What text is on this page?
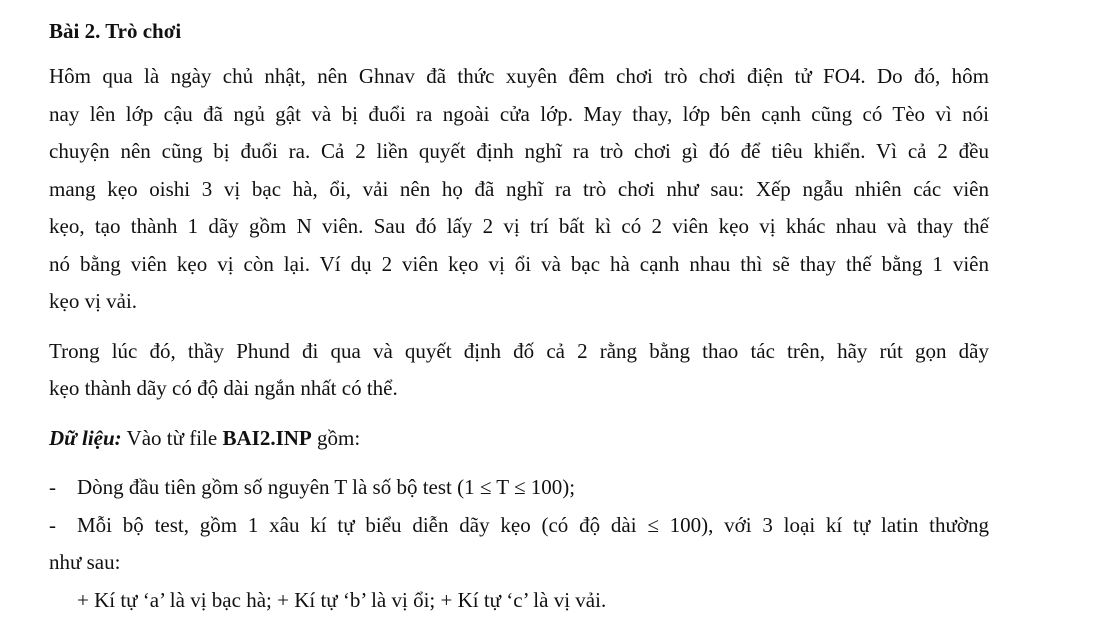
Bài 2. Trò chơi
Hôm qua là ngày chủ nhật, nên Ghnav đã thức xuyên đêm chơi trò chơi điện tử FO4. Do đó, hôm
nay lên lớp cậu đã ngủ gật và bị đuổi ra ngoài cửa lớp. May thay, lớp bên cạnh cũng có Tèo vì nói
chuyện nên cũng bị đuổi ra. Cả 2 liền quyết định nghĩ ra trò chơi gì đó để tiêu khiển. Vì cả 2 đều
mang kẹo oishi 3 vị bạc hà, ổi, vải nên họ đã nghĩ ra trò chơi như sau: Xếp ngẫu nhiên các viên
kẹo, tạo thành 1 dãy gồm N viên. Sau đó lấy 2 vị trí bất kì có 2 viên kẹo vị khác nhau và thay thế
nó bằng viên kẹo vị còn lại. Ví dụ 2 viên kẹo vị ổi và bạc hà cạnh nhau thì sẽ thay thế bằng 1 viên
kẹo vị vải.
Trong lúc đó, thầy Phund đi qua và quyết định đố cả 2 rằng bằng thao tác trên, hãy rút gọn dãy
kẹo thành dãy có độ dài ngắn nhất có thể.
Dữ liệu: Vào từ file BAI2.INP gồm:
- Dòng đầu tiên gồm số nguyên T là số bộ test (1 ≤ T ≤ 100);
- Mỗi bộ test, gồm 1 xâu kí tự biểu diễn dãy kẹo (có độ dài ≤ 100), với 3 loại kí tự latin thường
như sau:
+ Kí tự ‘a’ là vị bạc hà; + Kí tự ‘b’ là vị ổi; + Kí tự ‘c’ là vị vải.
